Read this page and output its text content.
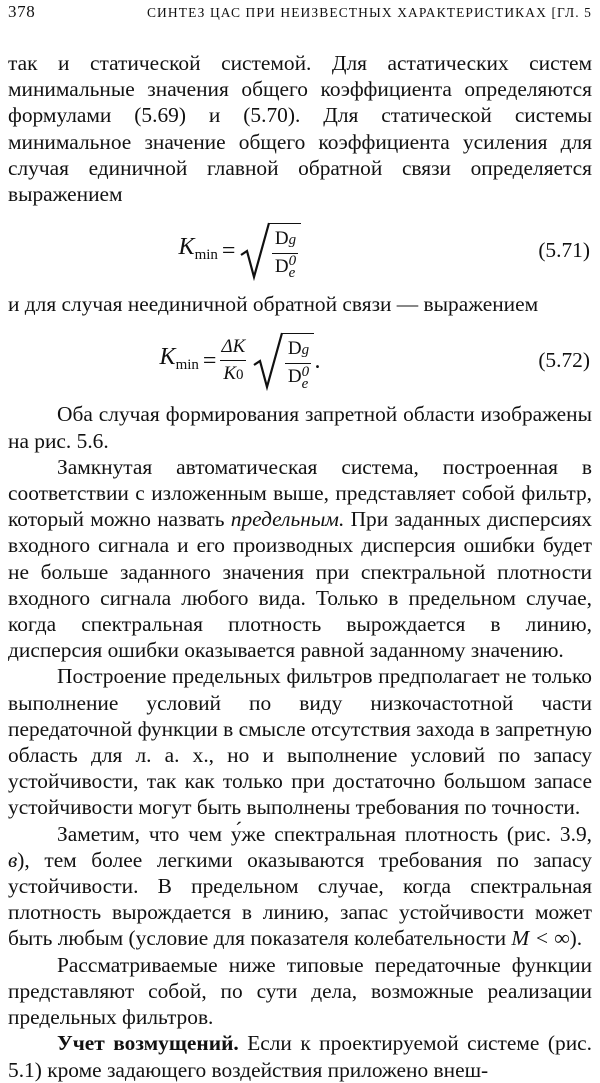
378	СИНТЕЗ ЦАС ПРИ НЕИЗВЕСТНЫХ ХАРАКТЕРИСТИКАХ [ГЛ. 5

так и статической системой. Для астатических систем минимальные значения общего коэффициента определяются формулами (5.69) и (5.70). Для статической системы минимальное значение общего коэффициента усиления для случая единичной главной обратной связи определяется выражением

$K_{min} = Dg$
D 0
e	(5.71)

и для случая неединичной обратной связи — выражением

$K_{min} = \frac{\Delta K}{K0}$ Dg
D 0
e .	(5.72)

Оба случая формирования запретной области изображены на рис. 5.6.

Замкнутая автоматическая система, построенная в соответствии с изложенным выше, представляет собой фильтр, который можно назвать предельным. При заданных дисперсиях входного сигнала и его производных дисперсия ошибки будет не больше заданного значения при спектральной плотности входного сигнала любого вида. Только в предельном случае, когда спектральная плотность вырождается в линию, дисперсия ошибки оказывается равной заданному значению.

Построение предельных фильтров предполагает не только выполнение условий по виду низкочастотной части передаточной функции в смысле отсутствия захода в запретную область для л. а. х., но и выполнение условий по запасу устойчивости, так как только при достаточно большом запасе устойчивости могут быть выполнены требования по точности.

Заметим, что чем у́же спектральная плотность (рис. 3.9, в), тем более легкими оказываются требования по запасу устойчивости. В предельном случае, когда спектральная плотность вырождается в линию, запас устойчивости может быть любым (условие для показателя колебательности M < ∞).

Рассматриваемые ниже типовые передаточные функции представляют собой, по сути дела, возможные реализации предельных фильтров.

Учет возмущений. Если к проектируемой системе (рис. 5.1) кроме задающего воздействия приложено внеш-
